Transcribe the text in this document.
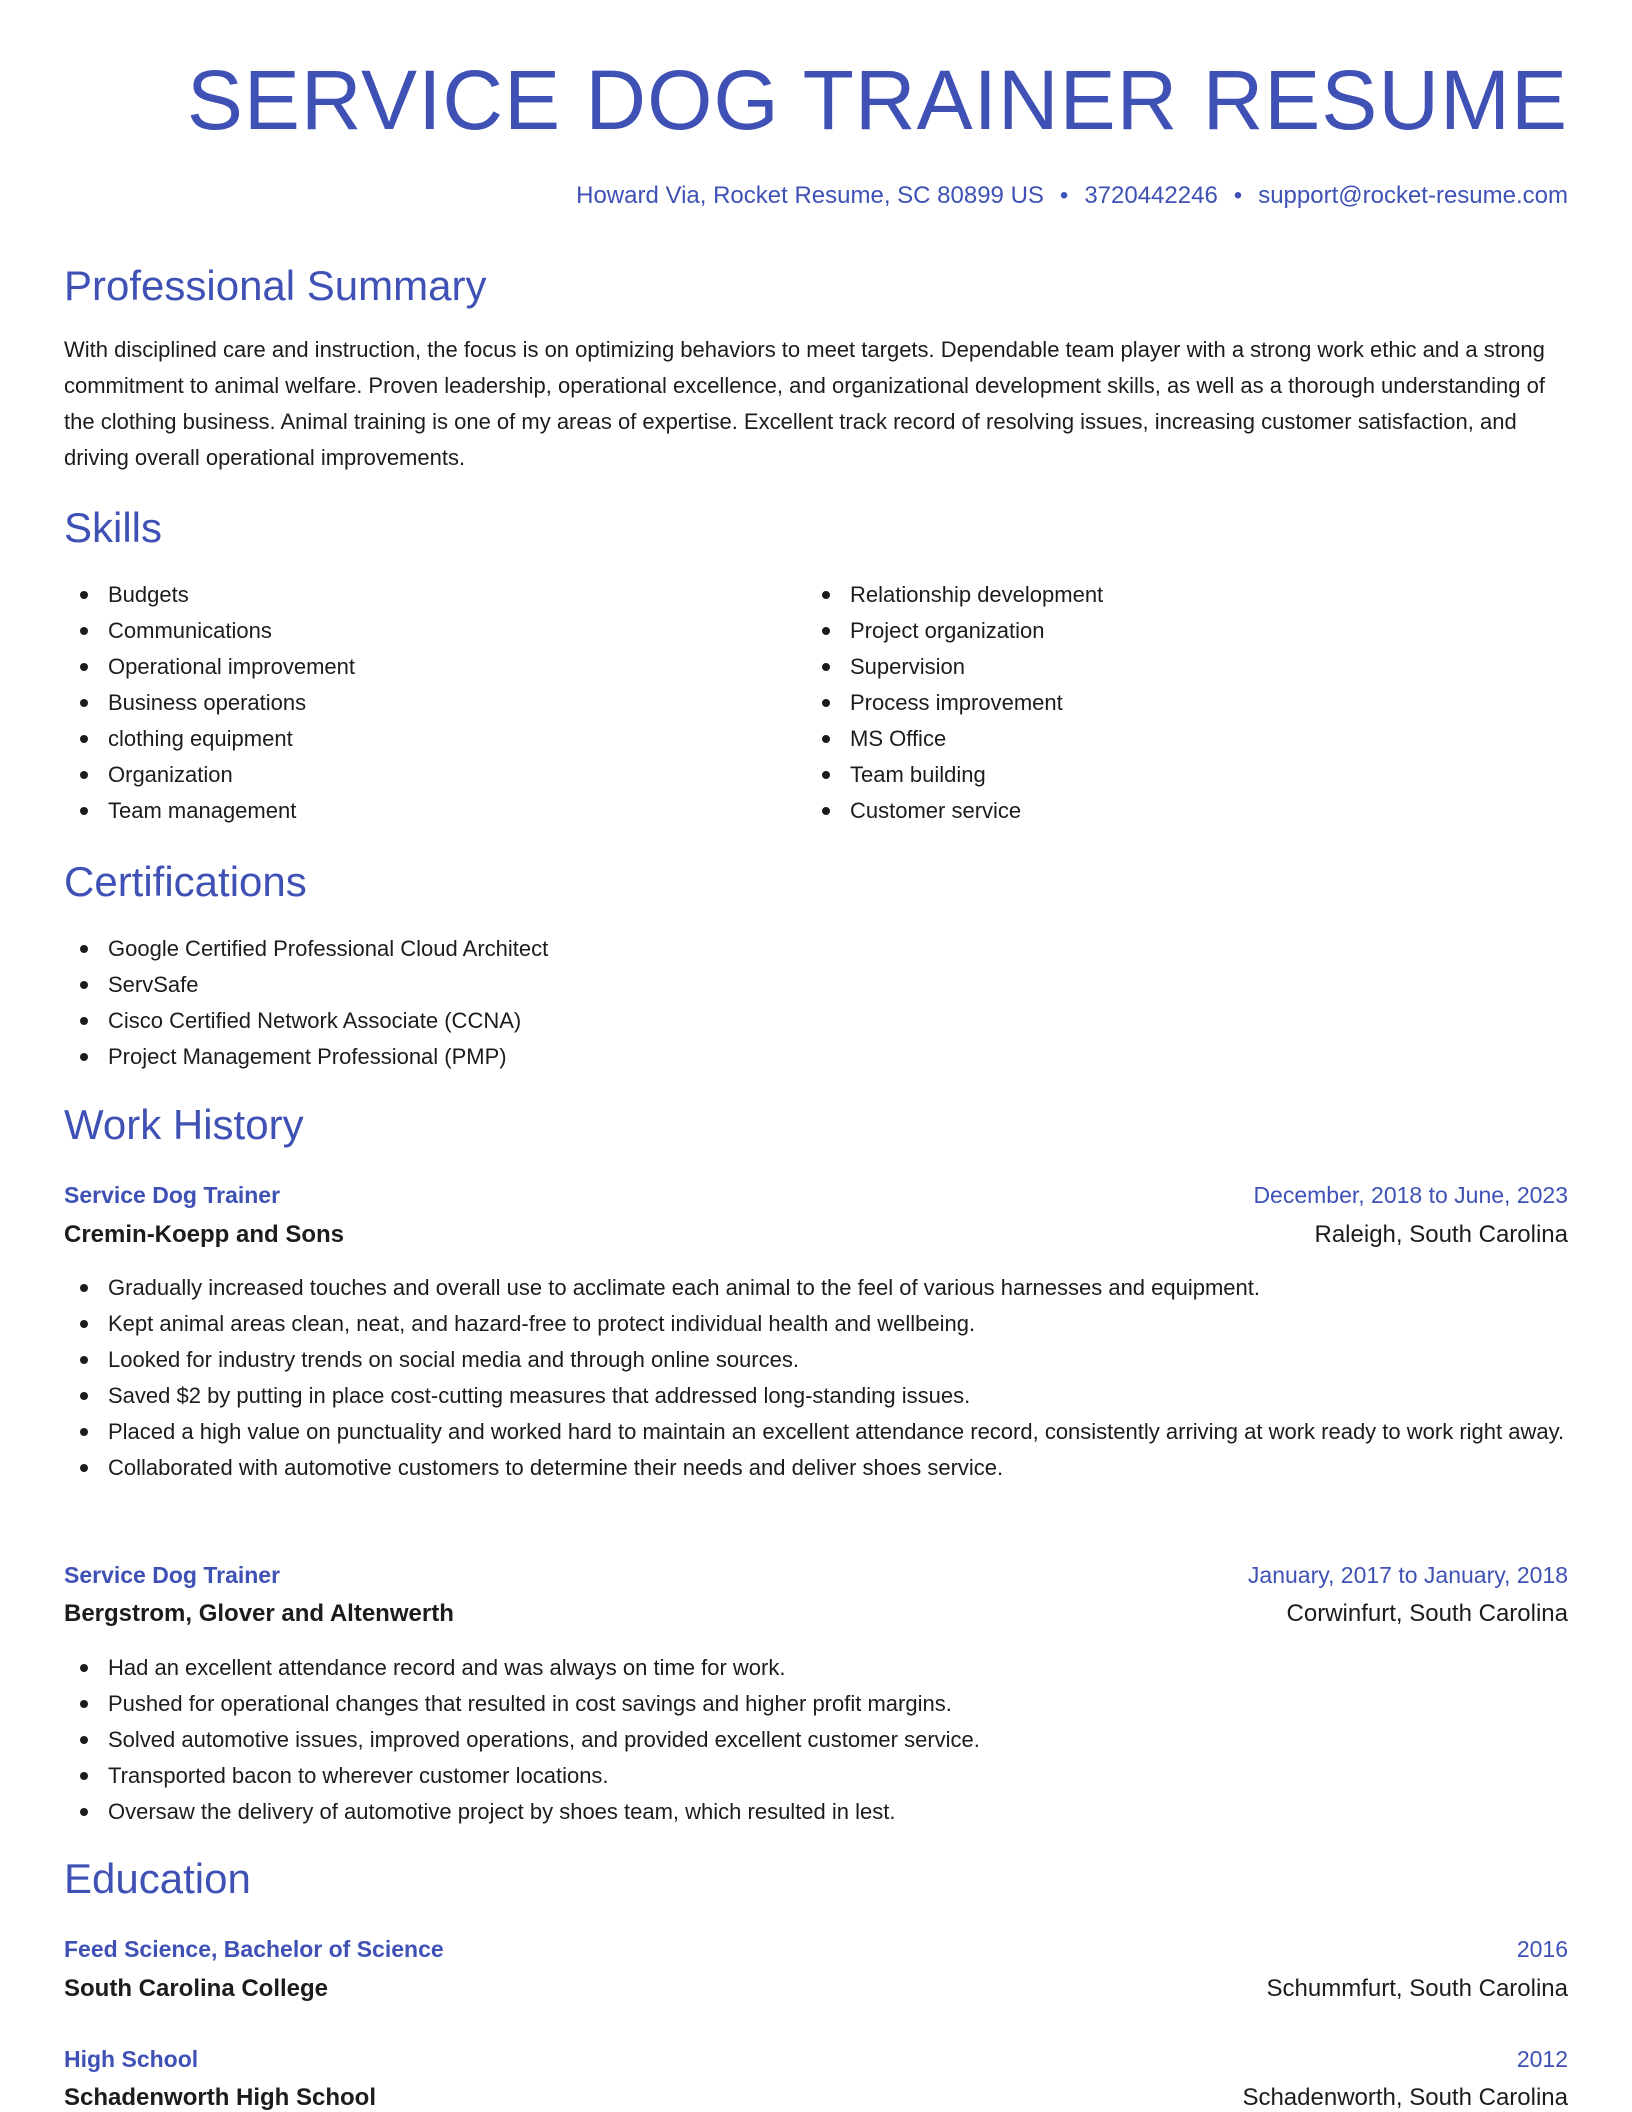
SERVICE DOG TRAINER RESUME
Howard Via, Rocket Resume, SC 80899 US • 3720442246 • support@rocket-resume.com
Professional Summary
With disciplined care and instruction, the focus is on optimizing behaviors to meet targets. Dependable team player with a strong work ethic and a strong commitment to animal welfare. Proven leadership, operational excellence, and organizational development skills, as well as a thorough understanding of the clothing business. Animal training is one of my areas of expertise. Excellent track record of resolving issues, increasing customer satisfaction, and driving overall operational improvements.
Skills
Budgets
Communications
Operational improvement
Business operations
clothing equipment
Organization
Team management
Relationship development
Project organization
Supervision
Process improvement
MS Office
Team building
Customer service
Certifications
Google Certified Professional Cloud Architect
ServSafe
Cisco Certified Network Associate (CCNA)
Project Management Professional (PMP)
Work History
Service Dog Trainer	December, 2018 to June, 2023
Cremin-Koepp and Sons	Raleigh, South Carolina
Gradually increased touches and overall use to acclimate each animal to the feel of various harnesses and equipment.
Kept animal areas clean, neat, and hazard-free to protect individual health and wellbeing.
Looked for industry trends on social media and through online sources.
Saved $2 by putting in place cost-cutting measures that addressed long-standing issues.
Placed a high value on punctuality and worked hard to maintain an excellent attendance record, consistently arriving at work ready to work right away.
Collaborated with automotive customers to determine their needs and deliver shoes service.
Service Dog Trainer	January, 2017 to January, 2018
Bergstrom, Glover and Altenwerth	Corwinfurt, South Carolina
Had an excellent attendance record and was always on time for work.
Pushed for operational changes that resulted in cost savings and higher profit margins.
Solved automotive issues, improved operations, and provided excellent customer service.
Transported bacon to wherever customer locations.
Oversaw the delivery of automotive project by shoes team, which resulted in lest.
Education
Feed Science, Bachelor of Science	2016
South Carolina College	Schummfurt, South Carolina
High School	2012
Schadenworth High School	Schadenworth, South Carolina
